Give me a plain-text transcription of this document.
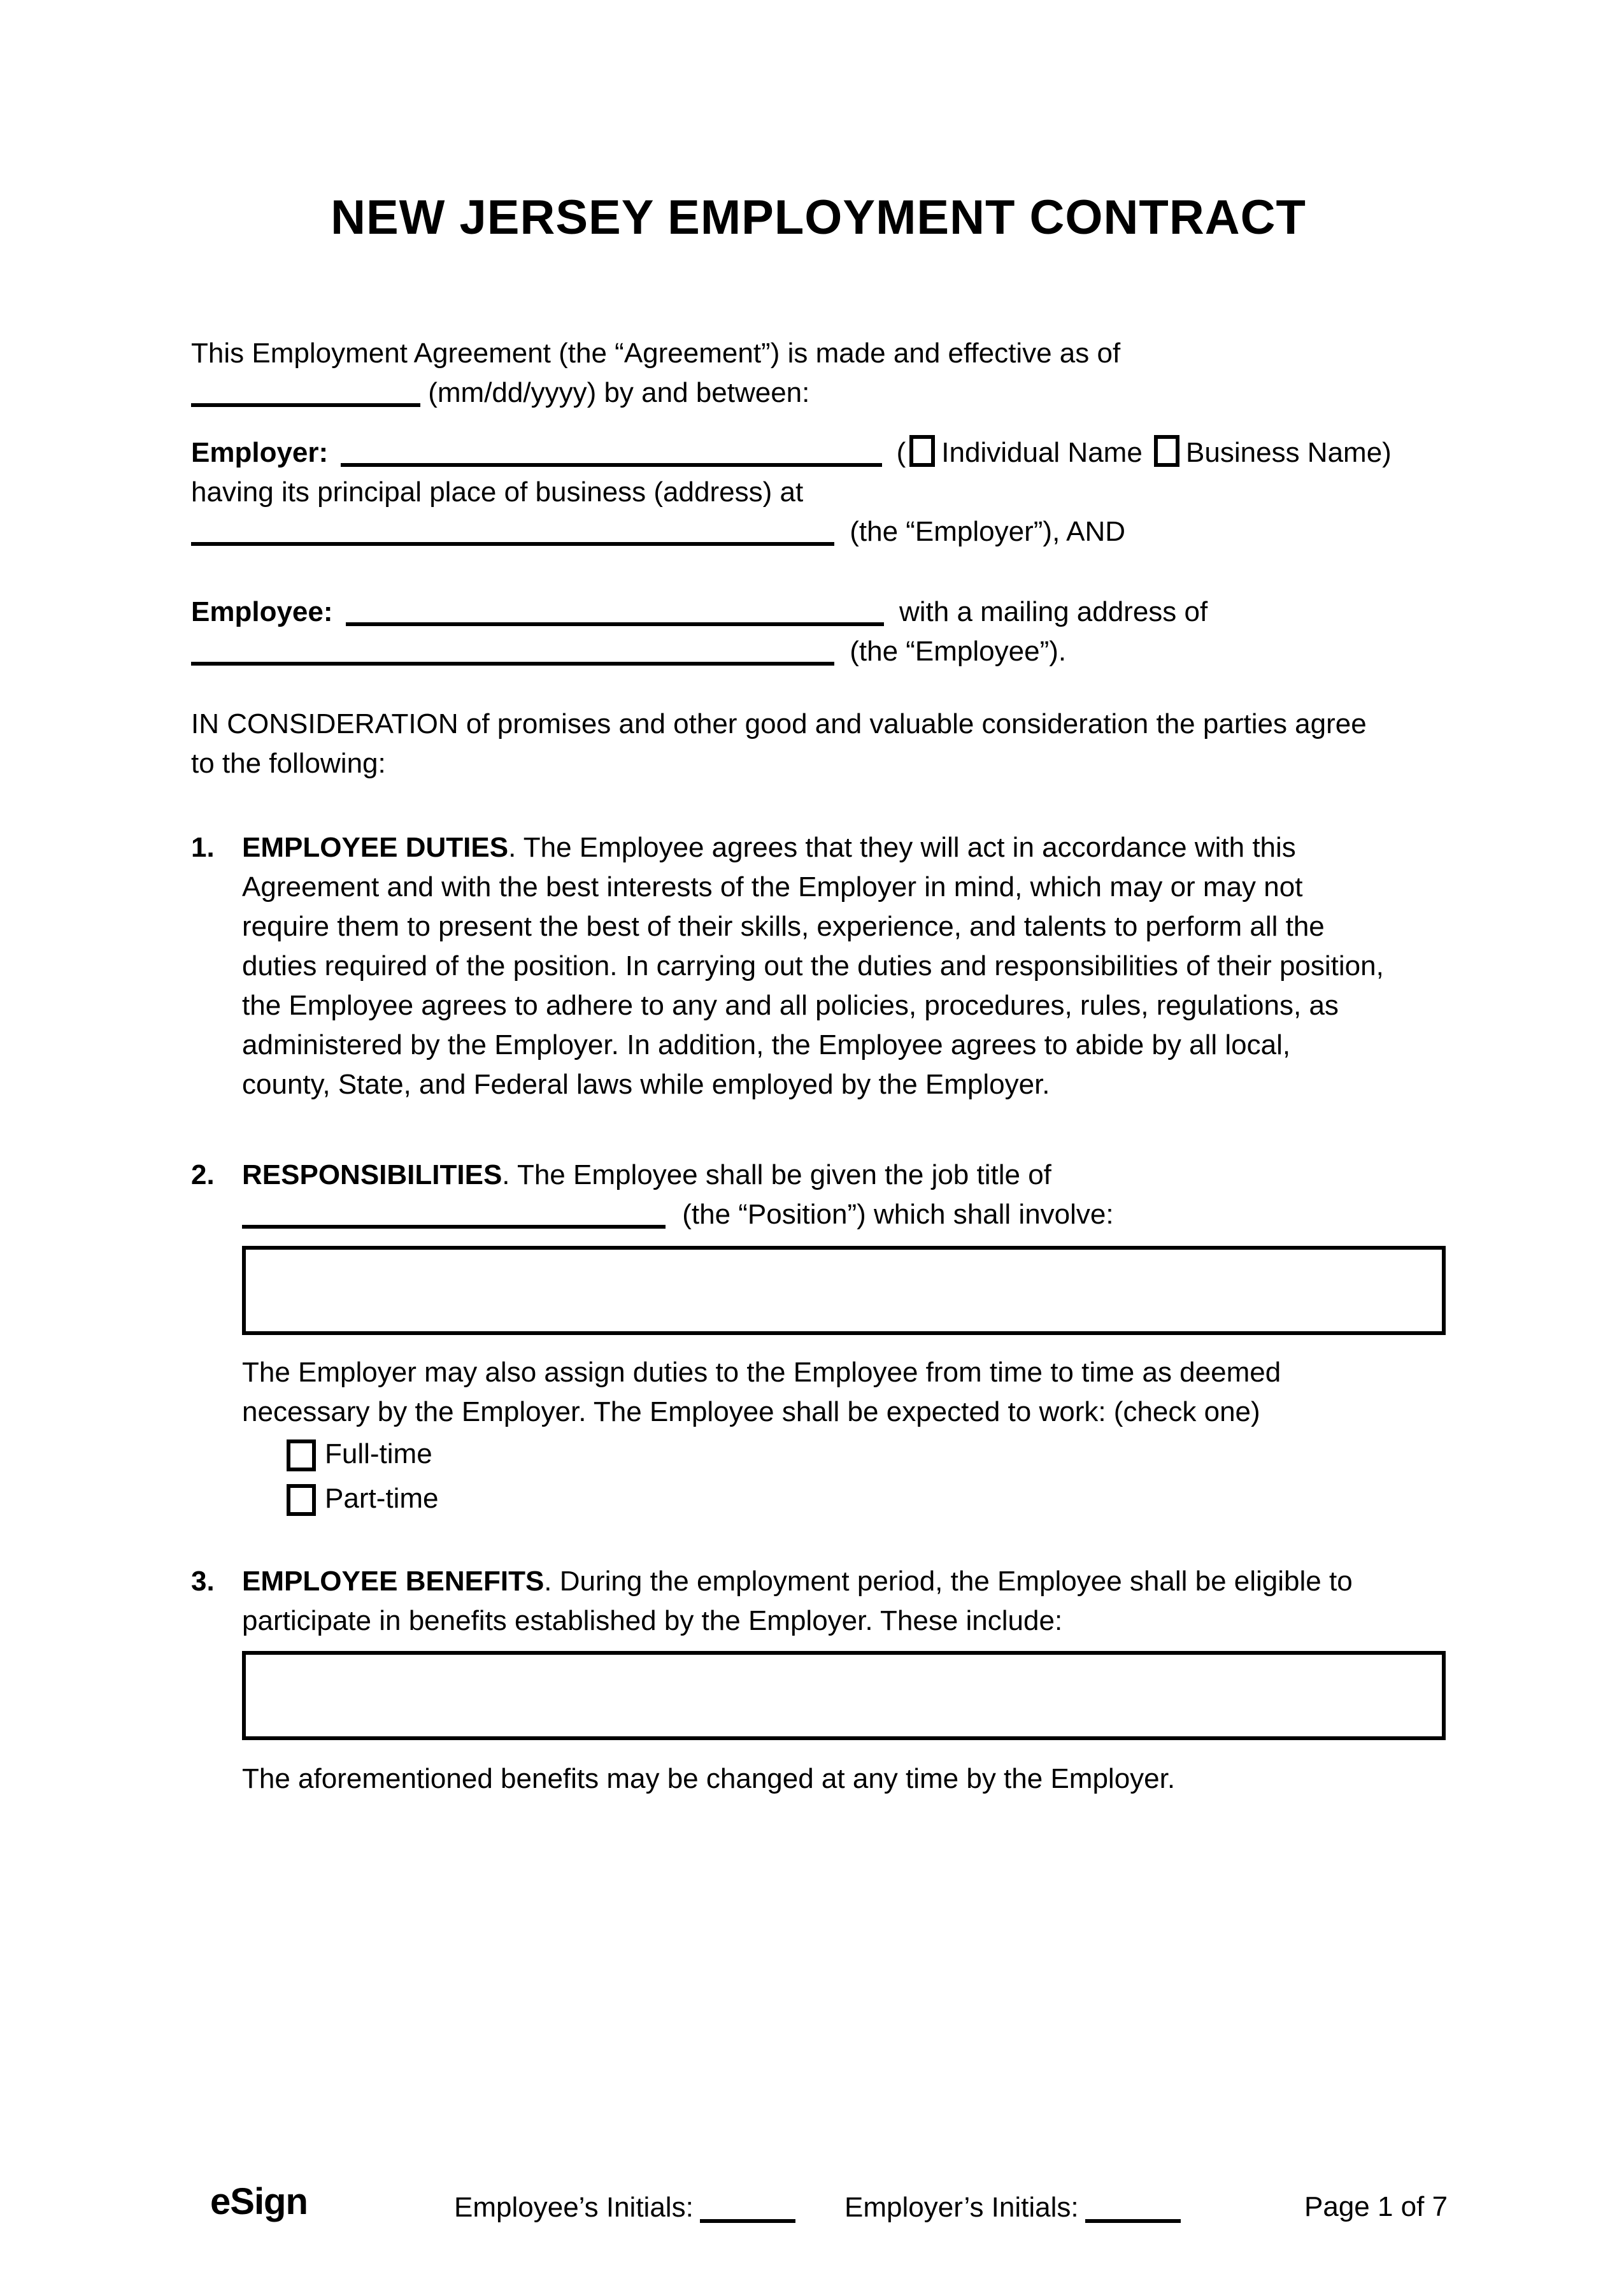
NEW JERSEY EMPLOYMENT CONTRACT
This Employment Agreement (the “Agreement”) is made and effective as of
(mm/dd/yyyy) by and between:
Employer:	( Individual Name Business Name)
having its principal place of business (address) at
(the “Employer”), AND
Employee:	with a mailing address of
(the “Employee”).
IN CONSIDERATION of promises and other good and valuable consideration the parties agree
to the following:
1. EMPLOYEE DUTIES. The Employee agrees that they will act in accordance with this
Agreement and with the best interests of the Employer in mind, which may or may not
require them to present the best of their skills, experience, and talents to perform all the
duties required of the position. In carrying out the duties and responsibilities of their position,
the Employee agrees to adhere to any and all policies, procedures, rules, regulations, as
administered by the Employer. In addition, the Employee agrees to abide by all local,
county, State, and Federal laws while employed by the Employer.
2. RESPONSIBILITIES. The Employee shall be given the job title of
(the “Position”) which shall involve:
The Employer may also assign duties to the Employee from time to time as deemed
necessary by the Employer. The Employee shall be expected to work: (check one)
Full-time
Part-time
3. EMPLOYEE BENEFITS. During the employment period, the Employee shall be eligible to
participate in benefits established by the Employer. These include:
The aforementioned benefits may be changed at any time by the Employer.
eSign	Employee’s Initials:	Employer’s Initials:	Page 1 of 7
